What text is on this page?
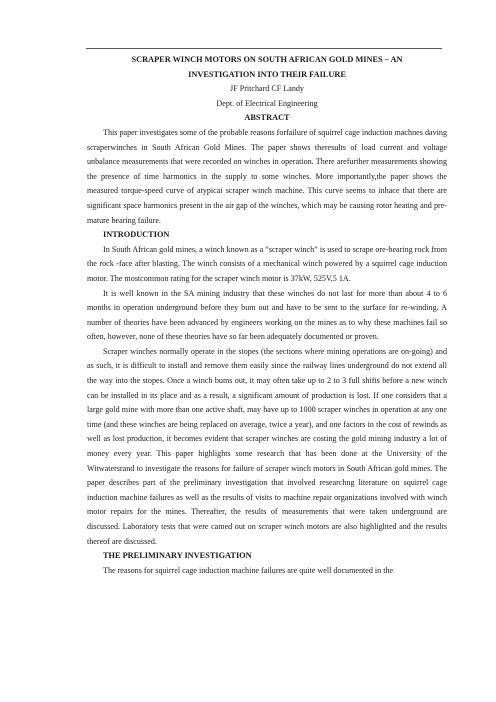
SCRAPER WINCH MOTORS ON SOUTH AFRICAN GOLD MINES – AN
INVESTIGATION INTO THEIR FAILURE
JF Pritchard CF Landy
Dept. of Electrical Engineering
ABSTRACT

This paper investigates some of the probable reasons forfailure of squirrel cage induction machnes daving scraperwinches in South African Gold Mines. The paper shows theresults of load current and voltage unbalance measurements that were recorded on winches in operation. There arefurther measurements showing the presence of time harmonics in the supply to some winches. More importantly,the paper shows the measured torque-speed curve of atypicai scraper winch machine. This curve seems to inhace that there are significant space harmonics present in the air gap of the winches, which may be causing rotor heating and pre-mature bearing failure.

INTRODUCTION

In South African gold mines, a winch known as a “scraper winch” is used to scrape ore-bearing rock from the rock -face after blasting. The winch consists of a mechanical winch powered by a squirrel cage induction motor. The mostcommon rating for the scraper winch motor is 37kW, 525V,5 1A.

It is well known in the SA mining industry that these winches do not last for more than about 4 to 6 months in operation underground before they bum out and have to be sent to the surface for re-winding. A number of theories have been advanced by engineers working on the mines as to why these machines fail so often, however, none of these theories have so far been adequately documented or proven.

Scraper winches normally operate in the stopes (the sections where mining operations are on-going) and as such, it is difficult to install and remove them easily since the railway lines underground do not extend all the way into the stopes. Once a winch bums out, it may often take up to 2 to 3 full shifts before a new winch can be installed in its place and as a result, a significant amount of production is lost. If one considers that a large gold mine with more than one active shaft, may have up to 1000 scraper winches in operation at any one time (and these winches are being replaced on average, twice a year), and one factors in the cost of rewinds as well as lost production, it becomes evident that scraper winches are costing the gold mining industry a lot of money every year. This paper highlights some research that has been done at the University of the Witwatersrand to investigate the reasons for failure of scraper winch motors in South African gold mines. The paper describes part of the preliminary investigation that involved researchng literature on squirrel cage induction machine failures as well as the results of visits to machine repair organizations involved with winch motor repairs for the mines. Thereafter, the results of measurements that were taken underground are discussed. Laboratory tests that were camed out on scraper winch motors are also highlighted and the results thereof are discussed.

THE PRELIMINARY INVESTIGATION

The reasons for squirrel cage induction machine failures are quite well documented in the
